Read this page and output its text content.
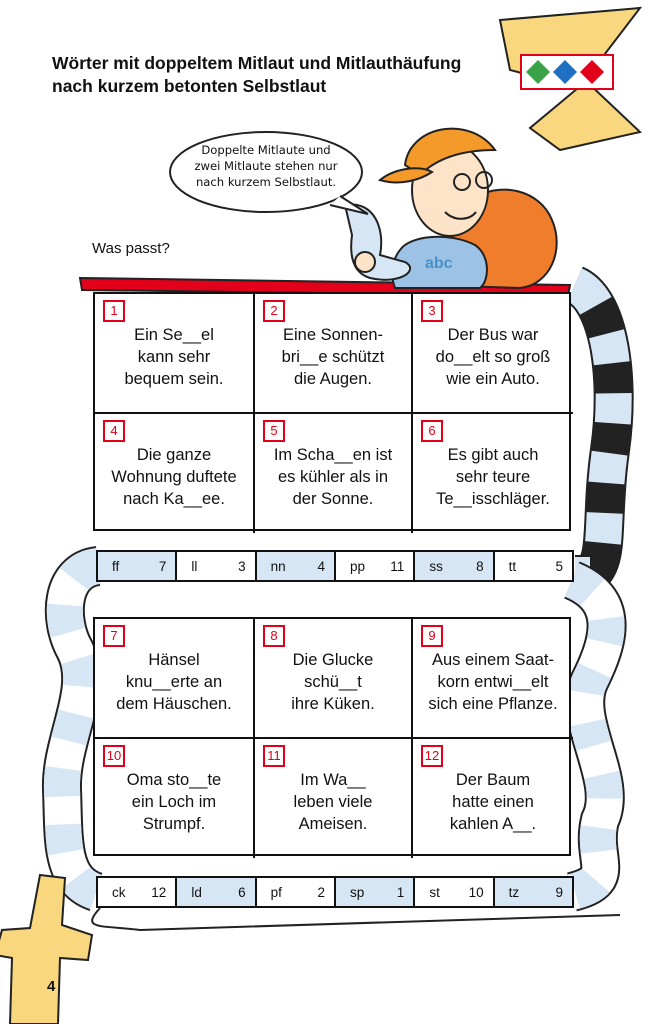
abc
Wörter mit doppeltem Mitlaut und Mitlauthäufung
nach kurzem betonten Selbstlaut
Doppelte Mitlaute und
zwei Mitlaute stehen nur
nach kurzem Selbstlaut.
Was passt?
1
Ein Se__el
kann sehr
bequem sein.
2
Eine Sonnen-
bri__e schützt
die Augen.
3
Der Bus war
do__elt so groß
wie ein Auto.
4
Die ganze
Wohnung duftete
nach Ka__ee.
5
Im Scha__en ist
es kühler als in
der Sonne.
6
Es gibt auch
sehr teure
Te__isschläger.
ff	7 ll	3 nn 4 pp 11 ss 8 tt	5
7
Hänsel
knu__erte an
dem Häuschen.
8
Die Glucke
schü__t
ihre Küken.
9
Aus einem Saat-
korn entwi__elt
sich eine Pflanze.
10
Oma sto__te
ein Loch im
Strumpf.
11
Im Wa__
leben viele
Ameisen.
12
Der Baum
hatte einen
kahlen A__.
ck 12 ld	6 pf	2 sp 1 st 10 tz	9
4
